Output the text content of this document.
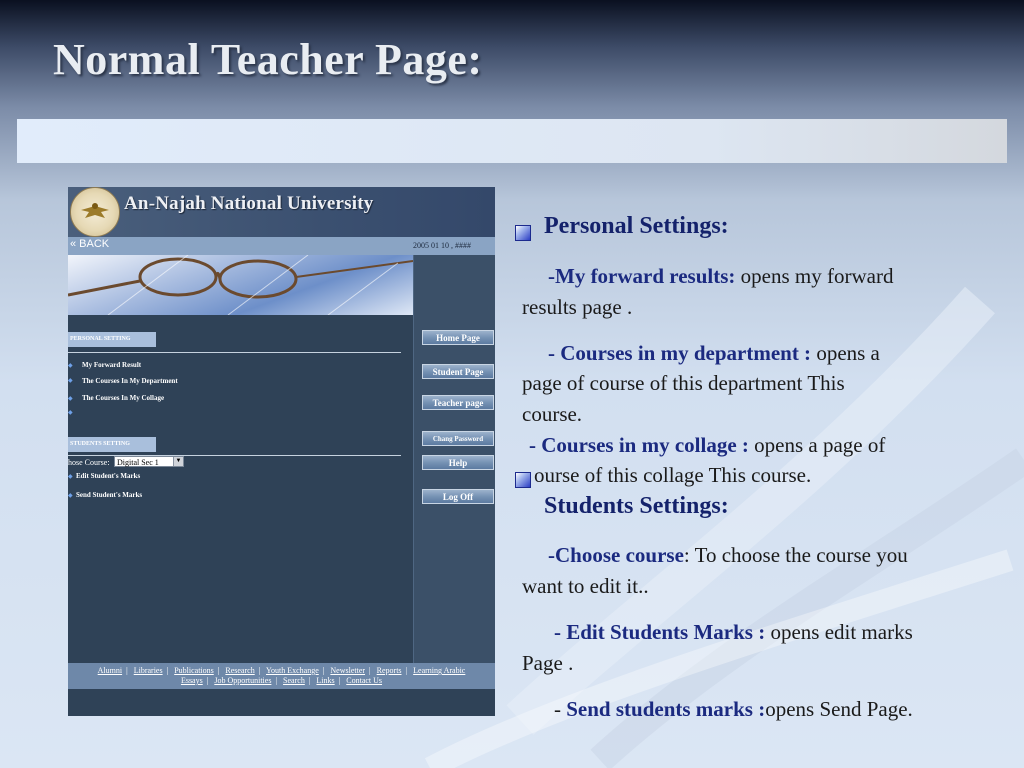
Normal Teacher Page:
An-Najah National University
« BACK	2005 01 10 , ####
Home Page
Student Page
Teacher page
Chang Password
Help
Log Off
PERSONAL SETTING
◆ My Forward Result
◆ The Courses In My Department
◆ The Courses In My Collage
◆
STUDENTS SETTING
hose Course: Digital Sec 1	▼
◆ Edit Student's Marks
◆ Send Student's Marks
Alumni | Libraries | Publications | Research | Youth Exchange | Newsletter | Reports | Learning Arabic
Essays | Job Opportunities | Search | Links | Contact Us
Personal Settings:
-My forward results: opens my forward
results page .
- Courses in my department : opens a
page of course of this department This
course.
- Courses in my collage : opens a page of
ourse of this collage This course.
Students Settings:
-Choose course: To choose the course you
want to edit it..
- Edit Students Marks : opens edit marks
Page .
- Send students marks :opens Send Page.
